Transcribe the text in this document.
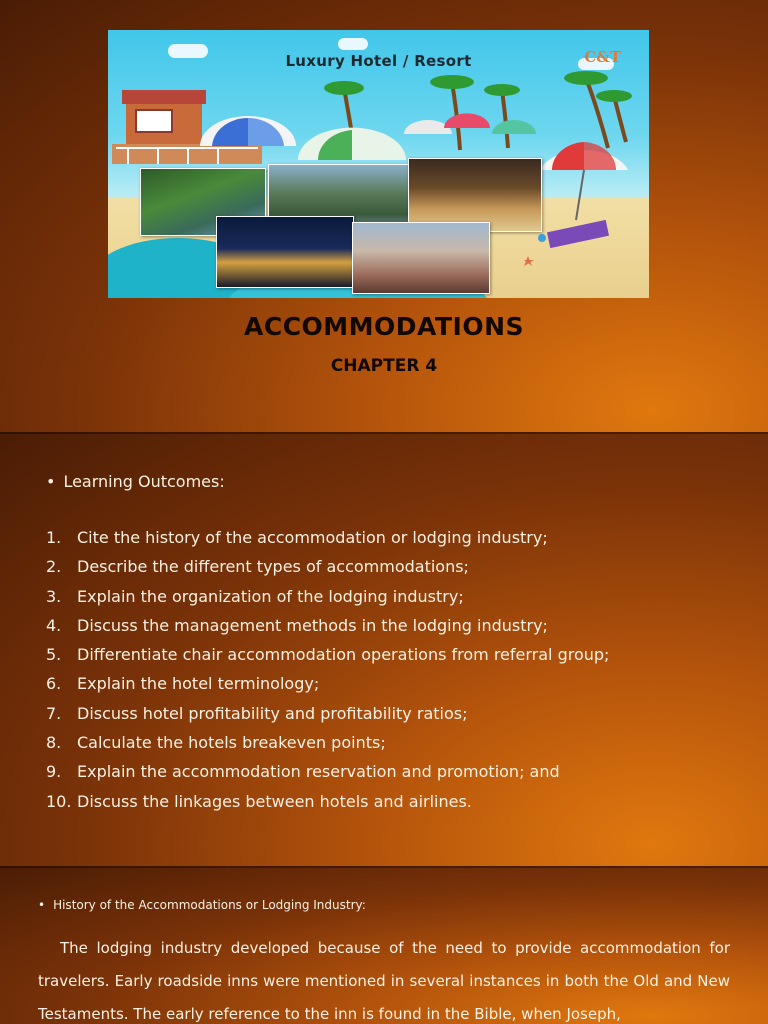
Luxury Hotel / Resort	C&T
ACCOMMODATIONS
CHAPTER 4
• Learning Outcomes:
1. Cite the history of the accommodation or lodging industry;
2. Describe the different types of accommodations;
3. Explain the organization of the lodging industry;
4. Discuss the management methods in the lodging industry;
5. Differentiate chair accommodation operations from referral group;
6. Explain the hotel terminology;
7. Discuss hotel profitability and profitability ratios;
8. Calculate the hotels breakeven points;
9. Explain the accommodation reservation and promotion; and
10. Discuss the linkages between hotels and airlines.
• History of the Accommodations or Lodging Industry:

The lodging industry developed because of the need to provide accommodation for travelers. Early roadside inns were mentioned in several instances in both the Old and New Testaments. The early reference to the inn is found in the Bible, when Joseph,
